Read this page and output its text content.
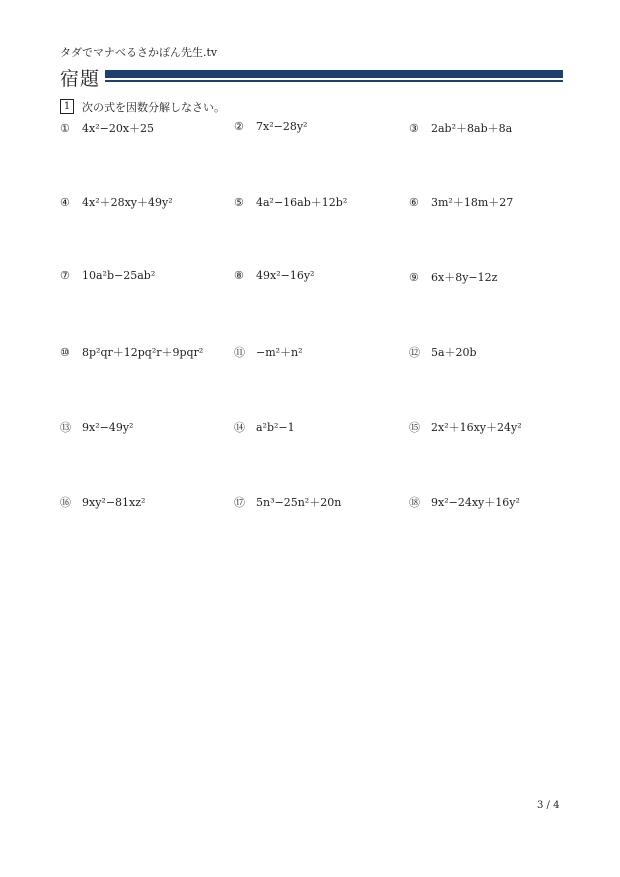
タダでマナべるさかぽん先生.tv
宿題
1	次の式を因数分解しなさい。
① 4x²−20x＋25	② 7x²−28y²	③ 2ab²＋8ab＋8a
④ 4x²＋28xy＋49y²	⑤ 4a²−16ab＋12b²	⑥ 3m²＋18m＋27
⑦ 10a²b−25ab²	⑧ 49x²−16y²	⑨ 6x＋8y−12z
⑩ 8p²qr＋12pq²r＋9pqr²	⑪ −m²＋n²	⑫ 5a＋20b
⑬ 9x²−49y²	⑭ a²b²−1	⑮ 2x²＋16xy＋24y²
⑯ 9xy²−81xz²	⑰ 5n³−25n²＋20n	⑱ 9x²−24xy＋16y²
3 / 4
